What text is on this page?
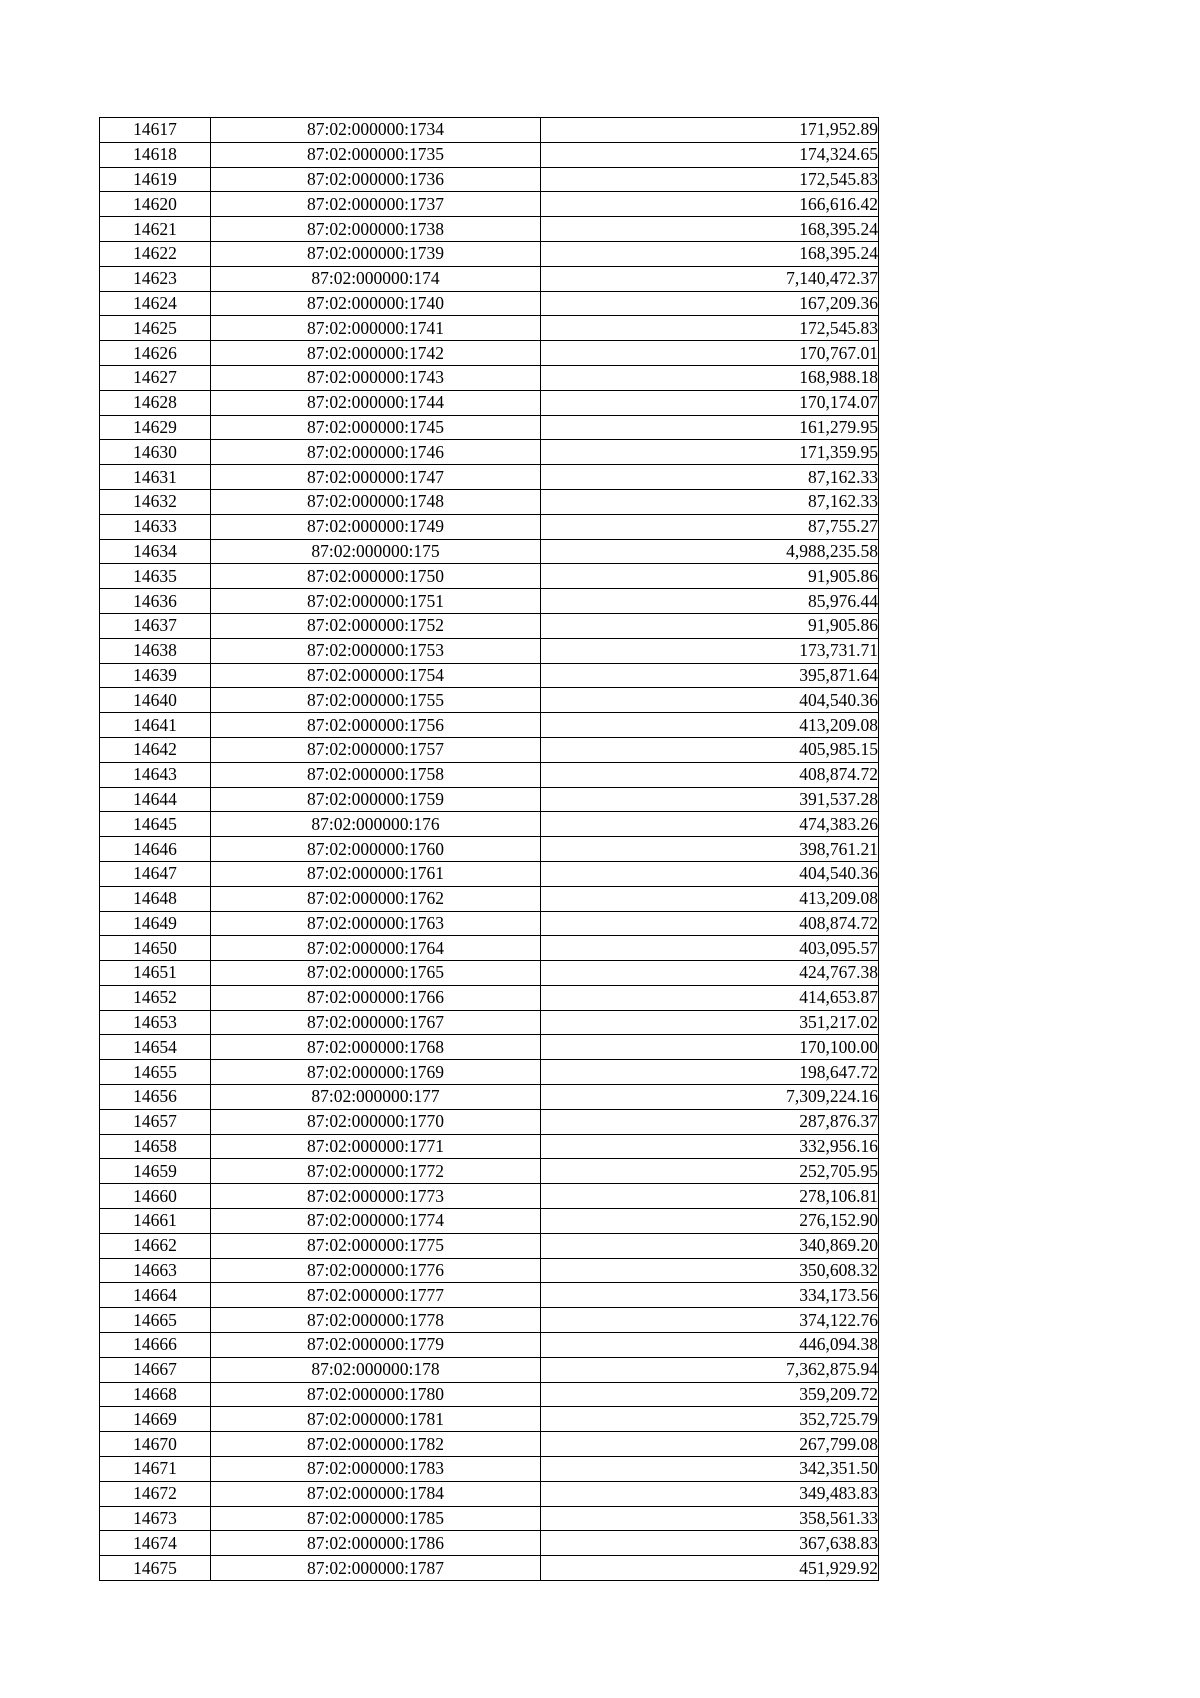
14617	87:02:000000:1734	171,952.89
14618	87:02:000000:1735	174,324.65
14619	87:02:000000:1736	172,545.83
14620	87:02:000000:1737	166,616.42
14621	87:02:000000:1738	168,395.24
14622	87:02:000000:1739	168,395.24
14623	87:02:000000:174	7,140,472.37
14624	87:02:000000:1740	167,209.36
14625	87:02:000000:1741	172,545.83
14626	87:02:000000:1742	170,767.01
14627	87:02:000000:1743	168,988.18
14628	87:02:000000:1744	170,174.07
14629	87:02:000000:1745	161,279.95
14630	87:02:000000:1746	171,359.95
14631	87:02:000000:1747	87,162.33
14632	87:02:000000:1748	87,162.33
14633	87:02:000000:1749	87,755.27
14634	87:02:000000:175	4,988,235.58
14635	87:02:000000:1750	91,905.86
14636	87:02:000000:1751	85,976.44
14637	87:02:000000:1752	91,905.86
14638	87:02:000000:1753	173,731.71
14639	87:02:000000:1754	395,871.64
14640	87:02:000000:1755	404,540.36
14641	87:02:000000:1756	413,209.08
14642	87:02:000000:1757	405,985.15
14643	87:02:000000:1758	408,874.72
14644	87:02:000000:1759	391,537.28
14645	87:02:000000:176	474,383.26
14646	87:02:000000:1760	398,761.21
14647	87:02:000000:1761	404,540.36
14648	87:02:000000:1762	413,209.08
14649	87:02:000000:1763	408,874.72
14650	87:02:000000:1764	403,095.57
14651	87:02:000000:1765	424,767.38
14652	87:02:000000:1766	414,653.87
14653	87:02:000000:1767	351,217.02
14654	87:02:000000:1768	170,100.00
14655	87:02:000000:1769	198,647.72
14656	87:02:000000:177	7,309,224.16
14657	87:02:000000:1770	287,876.37
14658	87:02:000000:1771	332,956.16
14659	87:02:000000:1772	252,705.95
14660	87:02:000000:1773	278,106.81
14661	87:02:000000:1774	276,152.90
14662	87:02:000000:1775	340,869.20
14663	87:02:000000:1776	350,608.32
14664	87:02:000000:1777	334,173.56
14665	87:02:000000:1778	374,122.76
14666	87:02:000000:1779	446,094.38
14667	87:02:000000:178	7,362,875.94
14668	87:02:000000:1780	359,209.72
14669	87:02:000000:1781	352,725.79
14670	87:02:000000:1782	267,799.08
14671	87:02:000000:1783	342,351.50
14672	87:02:000000:1784	349,483.83
14673	87:02:000000:1785	358,561.33
14674	87:02:000000:1786	367,638.83
14675	87:02:000000:1787	451,929.92
